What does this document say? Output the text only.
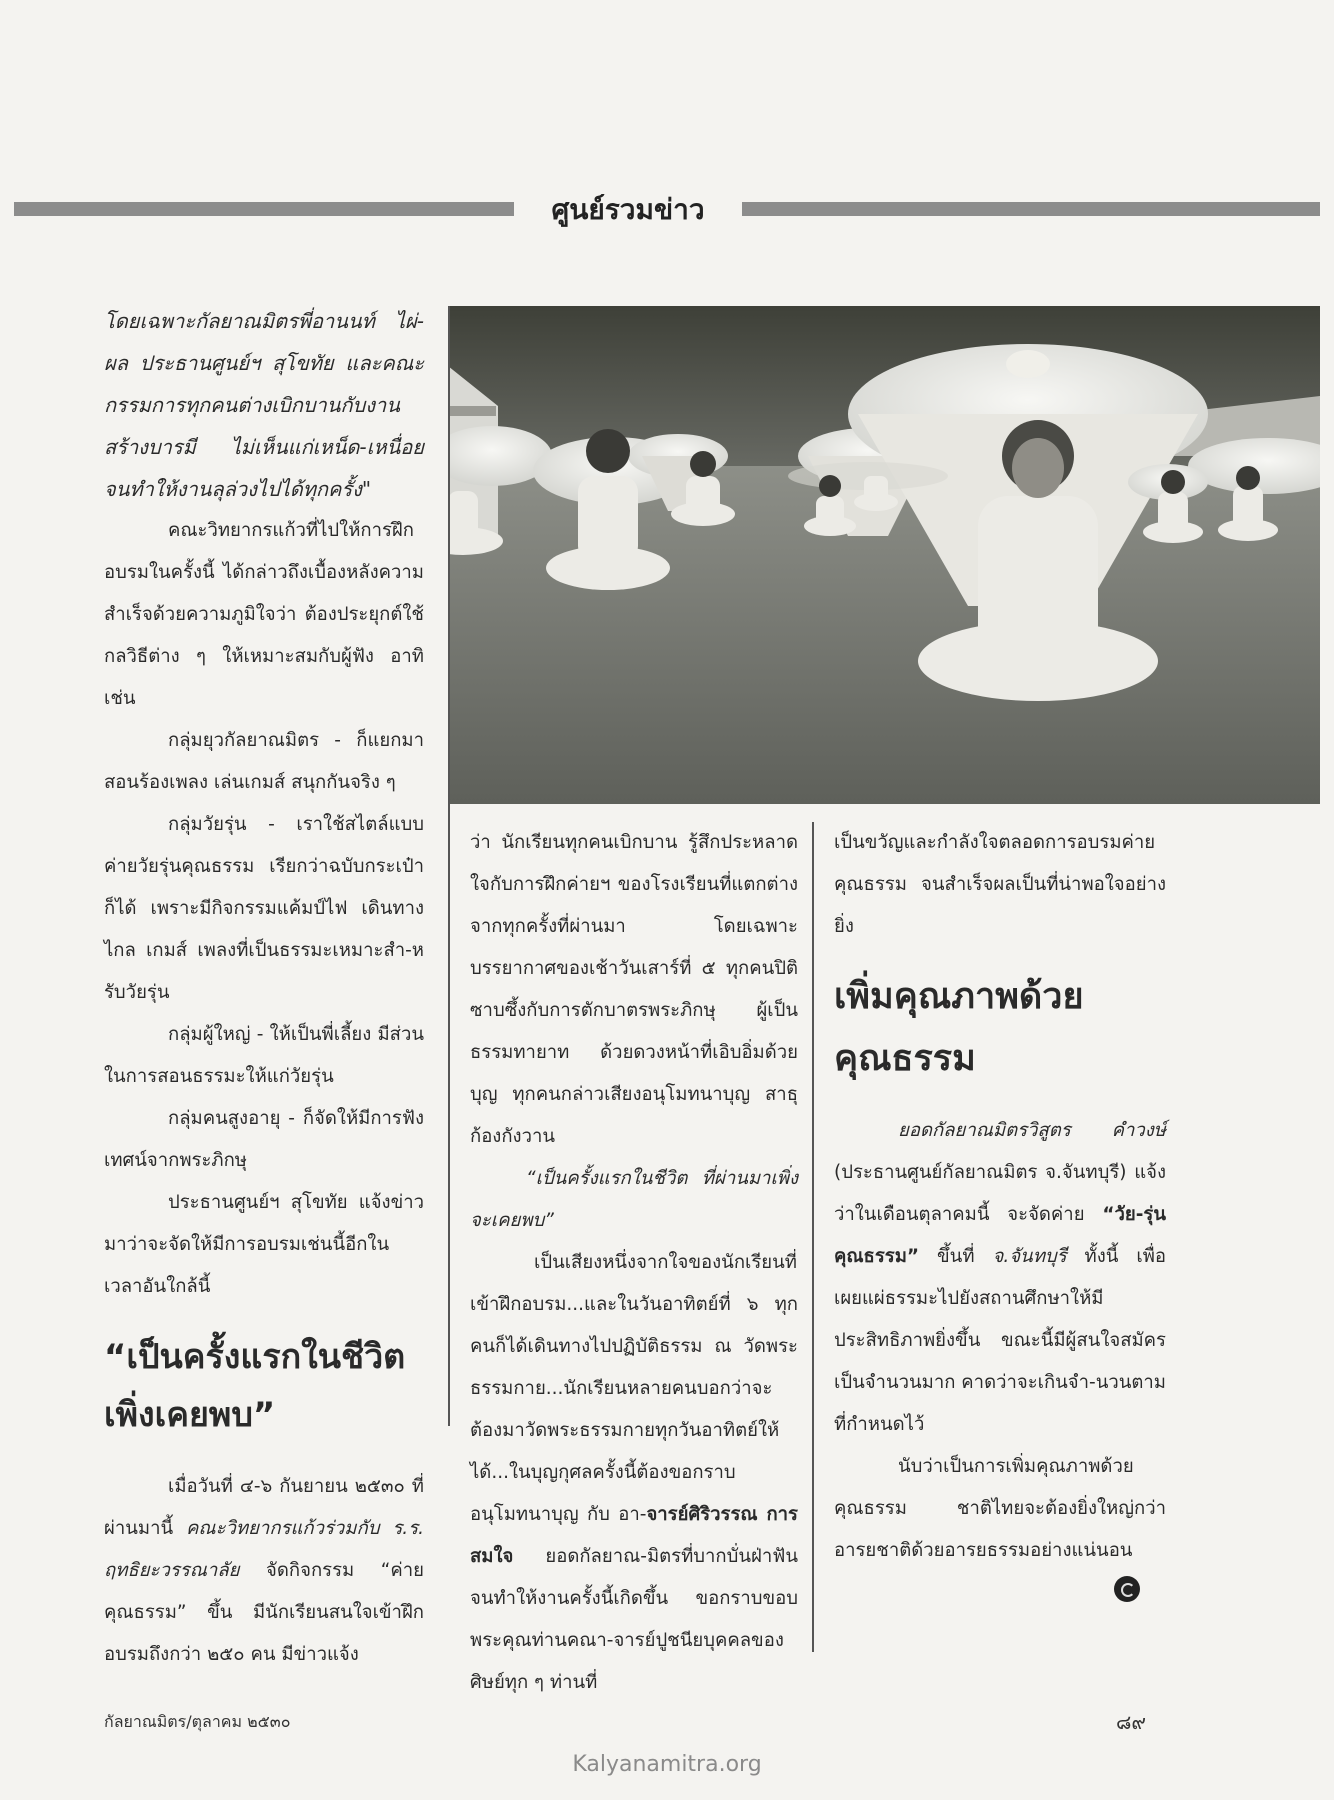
ศูนย์รวมข่าว

โดยเฉพาะกัลยาณมิตรพี่อานนท์ ไผ่-ผล ประธานศูนย์ฯ สุโขทัย และคณะกรรมการทุกคนต่างเบิกบานกับงานสร้างบารมี ไม่เห็นแก่เหน็ด-เหนื่อย จนทำให้งานลุล่วงไปได้ทุกครั้ง"

คณะวิทยากรแก้วที่ไปให้การฝึกอบรมในครั้งนี้ ได้กล่าวถึงเบื้องหลังความสำเร็จด้วยความภูมิใจว่า ต้องประยุกต์ใช้กลวิธีต่าง ๆ ให้เหมาะสมกับผู้ฟัง อาทิเช่น

กลุ่มยุวกัลยาณมิตร - ก็แยกมาสอนร้องเพลง เล่นเกมส์ สนุกกันจริง ๆ

กลุ่มวัยรุ่น - เราใช้สไตล์แบบค่ายวัยรุ่นคุณธรรม เรียกว่าฉบับกระเป๋าก็ได้ เพราะมีกิจกรรมแค้มป์ไฟ เดินทางไกล เกมส์ เพลงที่เป็นธรรมะเหมาะสำ-หรับวัยรุ่น

กลุ่มผู้ใหญ่ - ให้เป็นพี่เลี้ยง มีส่วนในการสอนธรรมะให้แก่วัยรุ่น

กลุ่มคนสูงอายุ - ก็จัดให้มีการฟังเทศน์จากพระภิกษุ

ประธานศูนย์ฯ สุโขทัย แจ้งข่าวมาว่าจะจัดให้มีการอบรมเช่นนี้อีกในเวลาอันใกล้นี้

“เป็นครั้งแรกในชีวิต เพิ่งเคยพบ”

เมื่อวันที่ ๔-๖ กันยายน ๒๕๓๐ ที่ผ่านมานี้ คณะวิทยากรแก้วร่วมกับ ร.ร. ฤทธิยะวรรณาลัย จัดกิจกรรม “ค่ายคุณธรรม” ขึ้น มีนักเรียนสนใจเข้าฝึกอบรมถึงกว่า ๒๕๐ คน มีข่าวแจ้ง

ว่า นักเรียนทุกคนเบิกบาน รู้สึกประหลาดใจกับการฝึกค่ายฯ ของโรงเรียนที่แตกต่างจากทุกครั้งที่ผ่านมา โดยเฉพาะบรรยากาศของเช้าวันเสาร์ที่ ๕ ทุกคนปิติซาบซึ้งกับการตักบาตรพระภิกษุ ผู้เป็นธรรมทายาท ด้วยดวงหน้าที่เอิบอิ่มด้วยบุญ ทุกคนกล่าวเสียงอนุโมทนาบุญ สาธุก้องกังวาน

“เป็นครั้งแรกในชีวิต ที่ผ่านมาเพิ่งจะเคยพบ”

เป็นเสียงหนึ่งจากใจของนักเรียนที่เข้าฝึกอบรม...และในวันอาทิตย์ที่ ๖ ทุกคนก็ได้เดินทางไปปฏิบัติธรรม ณ วัดพระธรรมกาย...นักเรียนหลายคนบอกว่าจะต้องมาวัดพระธรรมกายทุกวันอาทิตย์ให้ได้...ในบุญกุศลครั้งนี้ต้องขอกราบอนุโมทนาบุญ กับ อา-จารย์ศิริวรรณ การสมใจ ยอดกัลยาณ-มิตรที่บากบั่นฝ่าฟัน จนทำให้งานครั้งนี้เกิดขึ้น ขอกราบขอบพระคุณท่านคณา-จารย์ปูชนียบุคคลของศิษย์ทุก ๆ ท่านที่

เป็นขวัญและกำลังใจตลอดการอบรมค่ายคุณธรรม จนสำเร็จผลเป็นที่น่าพอใจอย่างยิ่ง

เพิ่มคุณภาพด้วยคุณธรรม

ยอดกัลยาณมิตรวิสูตร คำวงษ์ (ประธานศูนย์กัลยาณมิตร จ.จันทบุรี) แจ้งว่าในเดือนตุลาคมนี้ จะจัดค่าย “วัย-รุ่นคุณธรรม” ขึ้นที่ จ.จันทบุรี ทั้งนี้ เพื่อเผยแผ่ธรรมะไปยังสถานศึกษาให้มีประสิทธิภาพยิ่งขึ้น ขณะนี้มีผู้สนใจสมัครเป็นจำนวนมาก คาดว่าจะเกินจำ-นวนตามที่กำหนดไว้

นับว่าเป็นการเพิ่มคุณภาพด้วยคุณธรรม ชาติไทยจะต้องยิ่งใหญ่กว่าอารยชาติด้วยอารยธรรมอย่างแน่นอน

กัลยาณมิตร/ตุลาคม ๒๕๓๐	๘๙
Kalyanamitra.org
